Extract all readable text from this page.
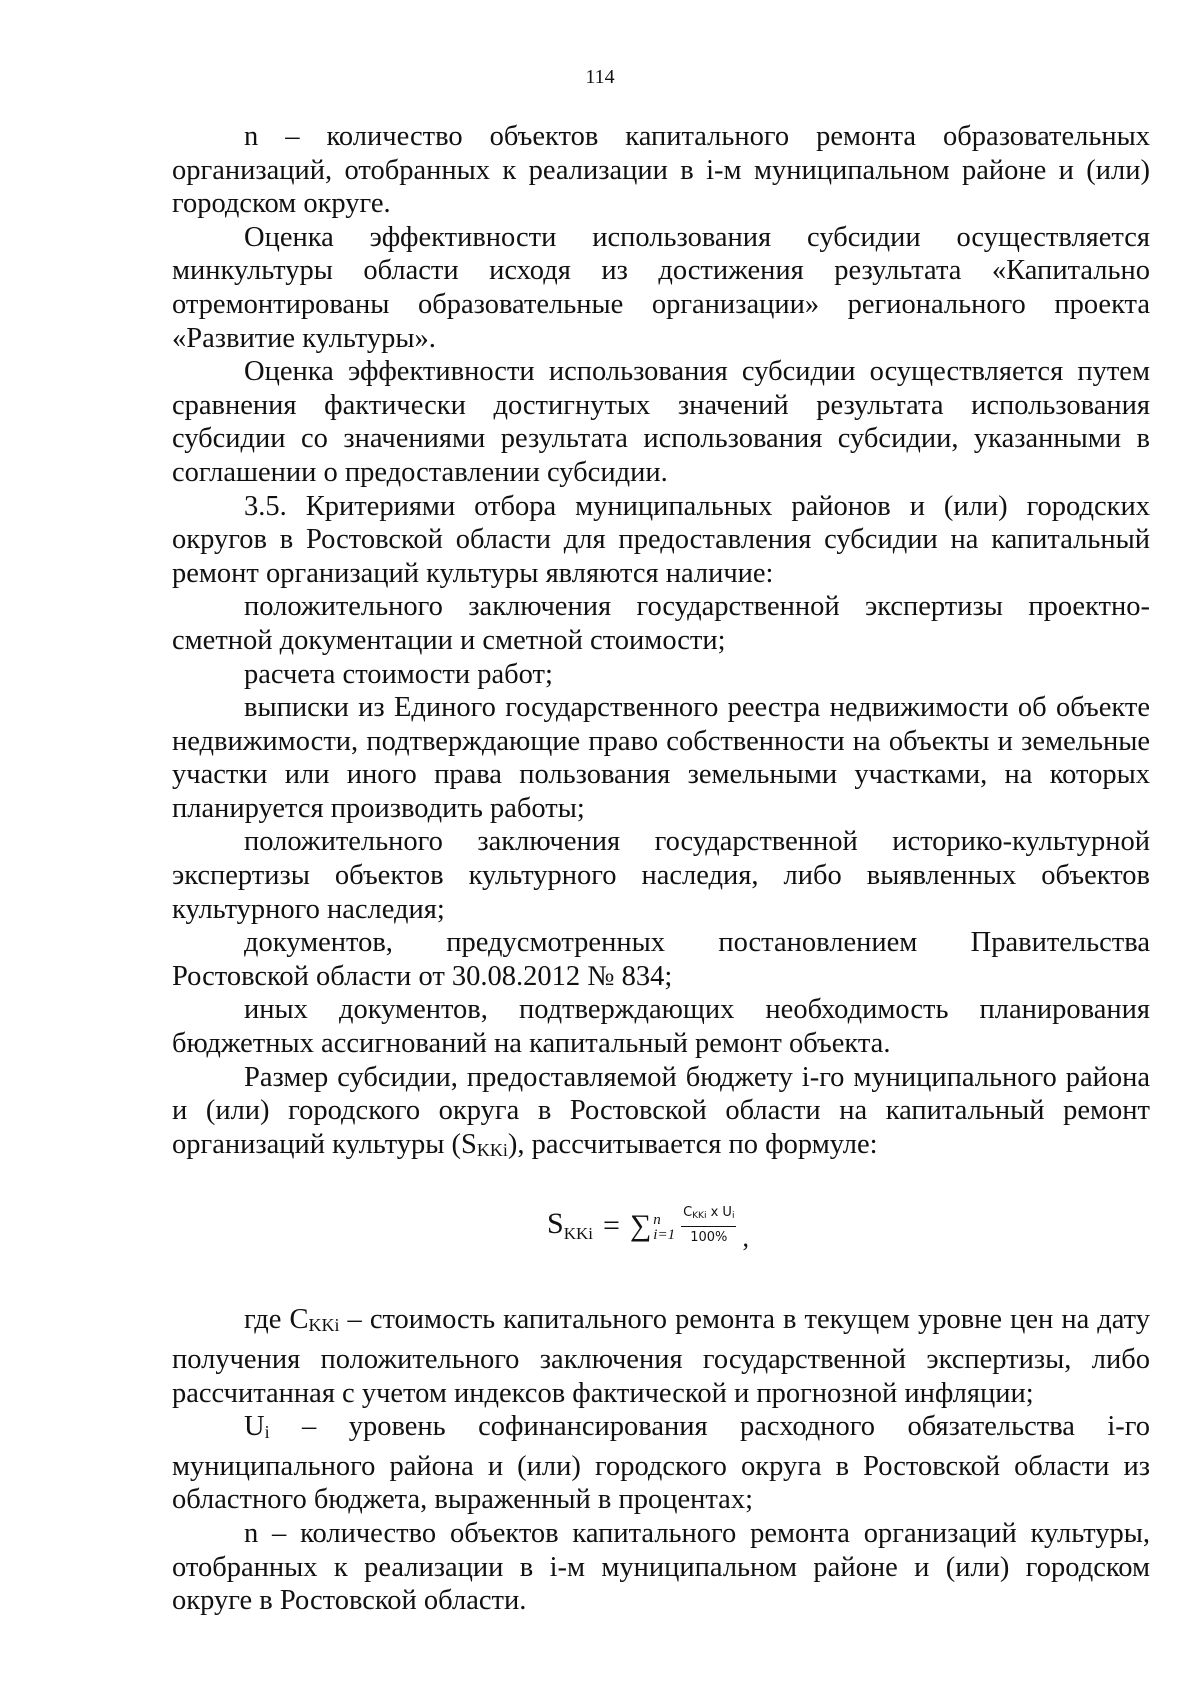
114

n – количество объектов капитального ремонта образовательных организаций, отобранных к реализации в i-м муниципальном районе и (или) городском округе.

Оценка эффективности использования субсидии осуществляется минкультуры области исходя из достижения результата «Капитально отремонтированы образовательные организации» регионального проекта «Развитие культуры».

Оценка эффективности использования субсидии осуществляется путем сравнения фактически достигнутых значений результата использования субсидии со значениями результата использования субсидии, указанными в соглашении о предоставлении субсидии.

3.5. Критериями отбора муниципальных районов и (или) городских округов в Ростовской области для предоставления субсидии на капитальный ремонт организаций культуры являются наличие:

положительного заключения государственной экспертизы проектно-сметной документации и сметной стоимости;

расчета стоимости работ;

выписки из Единого государственного реестра недвижимости об объекте недвижимости, подтверждающие право собственности на объекты и земельные участки или иного права пользования земельными участками, на которых планируется производить работы;

положительного заключения государственной историко-культурной экспертизы объектов культурного наследия, либо выявленных объектов культурного наследия;

документов, предусмотренных постановлением Правительства Ростовской области от 30.08.2012 № 834;

иных документов, подтверждающих необходимость планирования бюджетных ассигнований на капитальный ремонт объекта.

Размер субсидии, предоставляемой бюджету i-го муниципального района и (или) городского округа в Ростовской области на капитальный ремонт организаций культуры (SKKi), рассчитывается по формуле:

$S_{KKi}$ = ∑ n
$i=1 \frac{\text{CKKi x Ui}}{100\%}$ ,

где CKKi – стоимость капитального ремонта в текущем уровне цен на дату получения положительного заключения государственной экспертизы, либо рассчитанная с учетом индексов фактической и прогнозной инфляции;

Ui – уровень софинансирования расходного обязательства i-го муниципального района и (или) городского округа в Ростовской области из областного бюджета, выраженный в процентах;

n – количество объектов капитального ремонта организаций культуры, отобранных к реализации в i-м муниципальном районе и (или) городском округе в Ростовской области.
